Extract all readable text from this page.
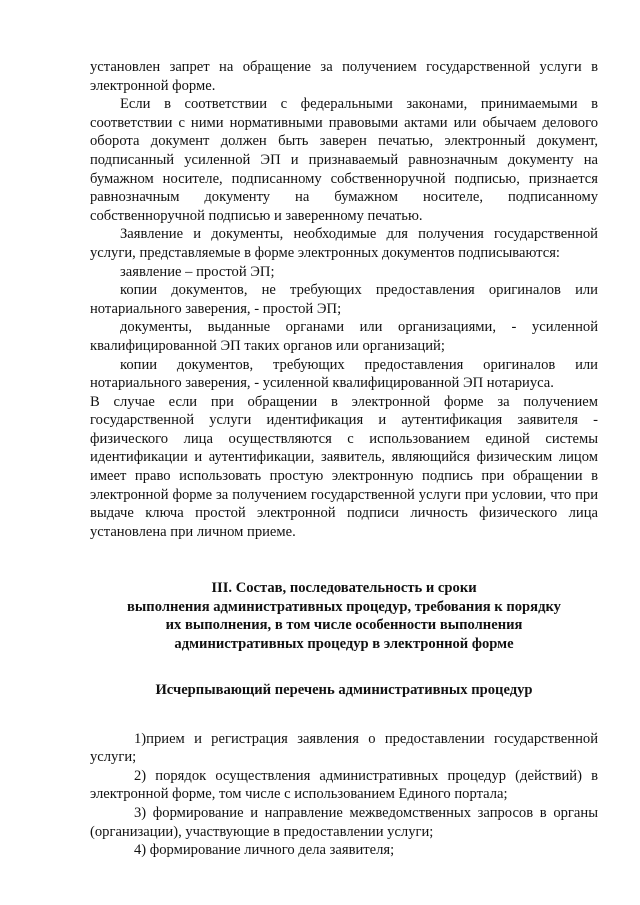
установлен запрет на обращение за получением государственной услуги в электронной форме.

Если в соответствии с федеральными законами, принимаемыми в соответствии с ними нормативными правовыми актами или обычаем делового оборота документ должен быть заверен печатью, электронный документ, подписанный усиленной ЭП и признаваемый равнозначным документу на бумажном носителе, подписанному собственноручной подписью, признается равнозначным документу на бумажном носителе, подписанному собственноручной подписью и заверенному печатью.

Заявление и документы, необходимые для получения государственной услуги, представляемые в форме электронных документов подписываются:

заявление – простой ЭП;

копии документов, не требующих предоставления оригиналов или нотариального заверения, - простой ЭП;

документы, выданные органами или организациями, - усиленной квалифицированной ЭП таких органов или организаций;

копии документов, требующих предоставления оригиналов или нотариального заверения, - усиленной квалифицированной ЭП нотариуса.

В случае если при обращении в электронной форме за получением государственной услуги идентификация и аутентификация заявителя - физического лица осуществляются с использованием единой системы идентификации и аутентификации, заявитель, являющийся физическим лицом имеет право использовать простую электронную подпись при обращении в электронной форме за получением государственной услуги при условии, что при выдаче ключа простой электронной подписи личность физического лица установлена при личном приеме.

III. Состав, последовательность и сроки

выполнения административных процедур, требования к порядку

их выполнения, в том числе особенности выполнения

административных процедур в электронной форме

Исчерпывающий перечень административных процедур

1)прием и регистрация заявления о предоставлении государственной услуги;

2) порядок осуществления административных процедур (действий) в электронной форме, том числе с использованием Единого портала;

3) формирование и направление межведомственных запросов в органы (организации), участвующие в предоставлении услуги;

4) формирование личного дела заявителя;
